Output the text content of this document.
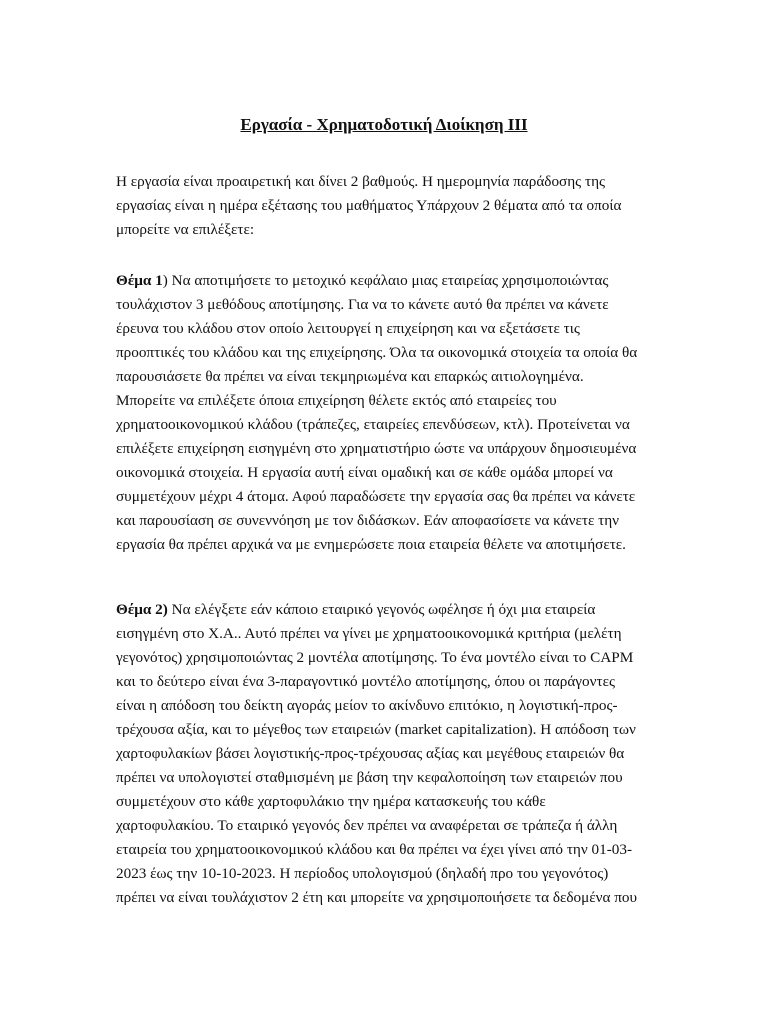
Εργασία - Χρηματοδοτική Διοίκηση ΙΙΙ
Η εργασία είναι προαιρετική και δίνει 2 βαθμούς. Η ημερομηνία παράδοσης της
εργασίας είναι η ημέρα εξέτασης του μαθήματος Υπάρχουν 2 θέματα από τα οποία
μπορείτε να επιλέξετε:
Θέμα 1) Να αποτιμήσετε το μετοχικό κεφάλαιο μιας εταιρείας χρησιμοποιώντας
τουλάχιστον 3 μεθόδους αποτίμησης. Για να το κάνετε αυτό θα πρέπει να κάνετε
έρευνα του κλάδου στον οποίο λειτουργεί η επιχείρηση και να εξετάσετε τις
προοπτικές του κλάδου και της επιχείρησης. Όλα τα οικονομικά στοιχεία τα οποία θα
παρουσιάσετε θα πρέπει να είναι τεκμηριωμένα και επαρκώς αιτιολογημένα.
Μπορείτε να επιλέξετε όποια επιχείρηση θέλετε εκτός από εταιρείες του
χρηματοοικονομικού κλάδου (τράπεζες, εταιρείες επενδύσεων, κτλ). Προτείνεται να
επιλέξετε επιχείρηση εισηγμένη στο χρηματιστήριο ώστε να υπάρχουν δημοσιευμένα
οικονομικά στοιχεία. Η εργασία αυτή είναι ομαδική και σε κάθε ομάδα μπορεί να
συμμετέχουν μέχρι 4 άτομα. Αφού παραδώσετε την εργασία σας θα πρέπει να κάνετε
και παρουσίαση σε συνεννόηση με τον διδάσκων. Εάν αποφασίσετε να κάνετε την
εργασία θα πρέπει αρχικά να με ενημερώσετε ποια εταιρεία θέλετε να αποτιμήσετε.
Θέμα 2) Να ελέγξετε εάν κάποιο εταιρικό γεγονός ωφέλησε ή όχι μια εταιρεία
εισηγμένη στο Χ.Α.. Αυτό πρέπει να γίνει με χρηματοοικονομικά κριτήρια (μελέτη
γεγονότος) χρησιμοποιώντας 2 μοντέλα αποτίμησης. Το ένα μοντέλο είναι το CAPM
και το δεύτερο είναι ένα 3-παραγοντικό μοντέλο αποτίμησης, όπου οι παράγοντες
είναι η απόδοση του δείκτη αγοράς μείον το ακίνδυνο επιτόκιο, η λογιστική-προς-
τρέχουσα αξία, και το μέγεθος των εταιρειών (market capitalization). Η απόδοση των
χαρτοφυλακίων βάσει λογιστικής-προς-τρέχουσας αξίας και μεγέθους εταιρειών θα
πρέπει να υπολογιστεί σταθμισμένη με βάση την κεφαλοποίηση των εταιρειών που
συμμετέχουν στο κάθε χαρτοφυλάκιο την ημέρα κατασκευής του κάθε
χαρτοφυλακίου. Το εταιρικό γεγονός δεν πρέπει να αναφέρεται σε τράπεζα ή άλλη
εταιρεία του χρηματοοικονομικού κλάδου και θα πρέπει να έχει γίνει από την 01-03-
2023 έως την 10-10-2023. Η περίοδος υπολογισμού (δηλαδή προ του γεγονότος)
πρέπει να είναι τουλάχιστον 2 έτη και μπορείτε να χρησιμοποιήσετε τα δεδομένα που
